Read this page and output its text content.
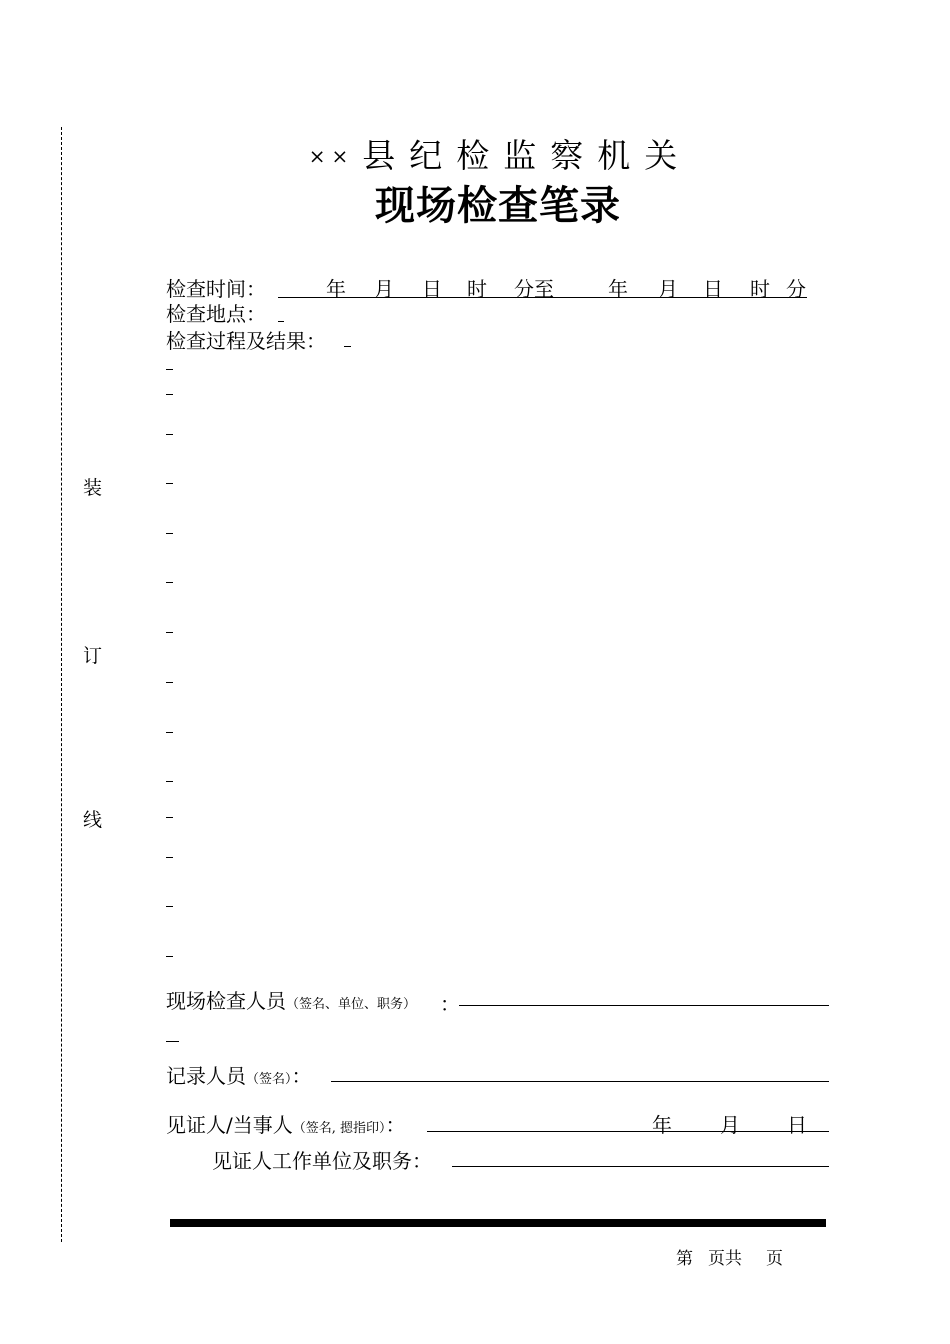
装
订
线
×× 县纪检监察机关
现场检查笔录
检查时间：	年 月 日 时 分至	年 月 日 时 分
检查地点：
检查过程及结果：
现场检查人员（签名、单位、职务） ：
记录人员（签名）：
见证人/当事人（签名, 摁指印）：	年 月 日
见证人工作单位及职务：
第 页共 页
